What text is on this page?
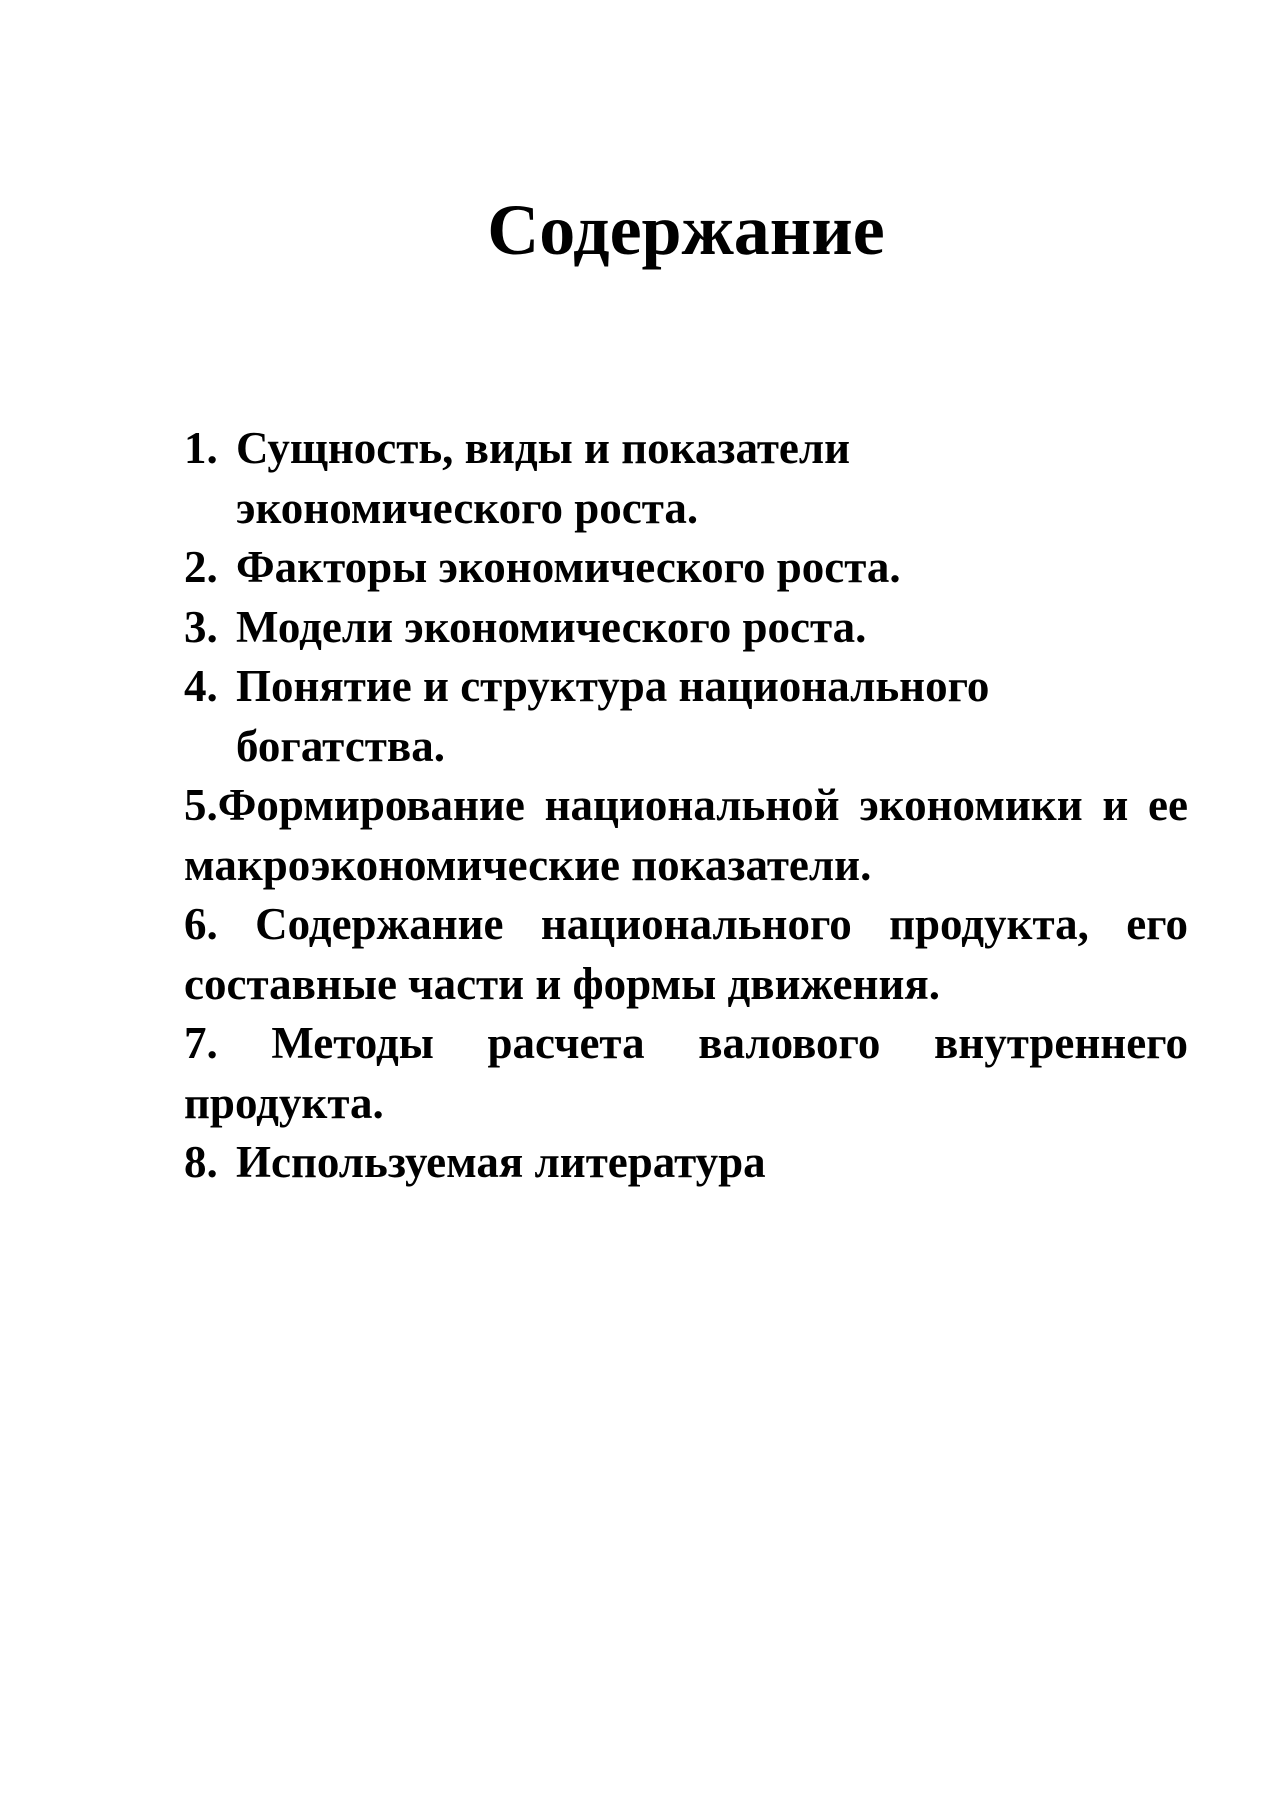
Содержание
1. Сущность, виды и показатели экономического роста.
2. Факторы экономического роста.
3. Модели экономического роста.
4. Понятие и структура национального богатства.
5.Формирование национальной экономики и ее макроэкономические показатели.
6. Содержание национального продукта, его составные части и формы движения.
7. Методы расчета валового внутреннего продукта.
8. Используемая литература
